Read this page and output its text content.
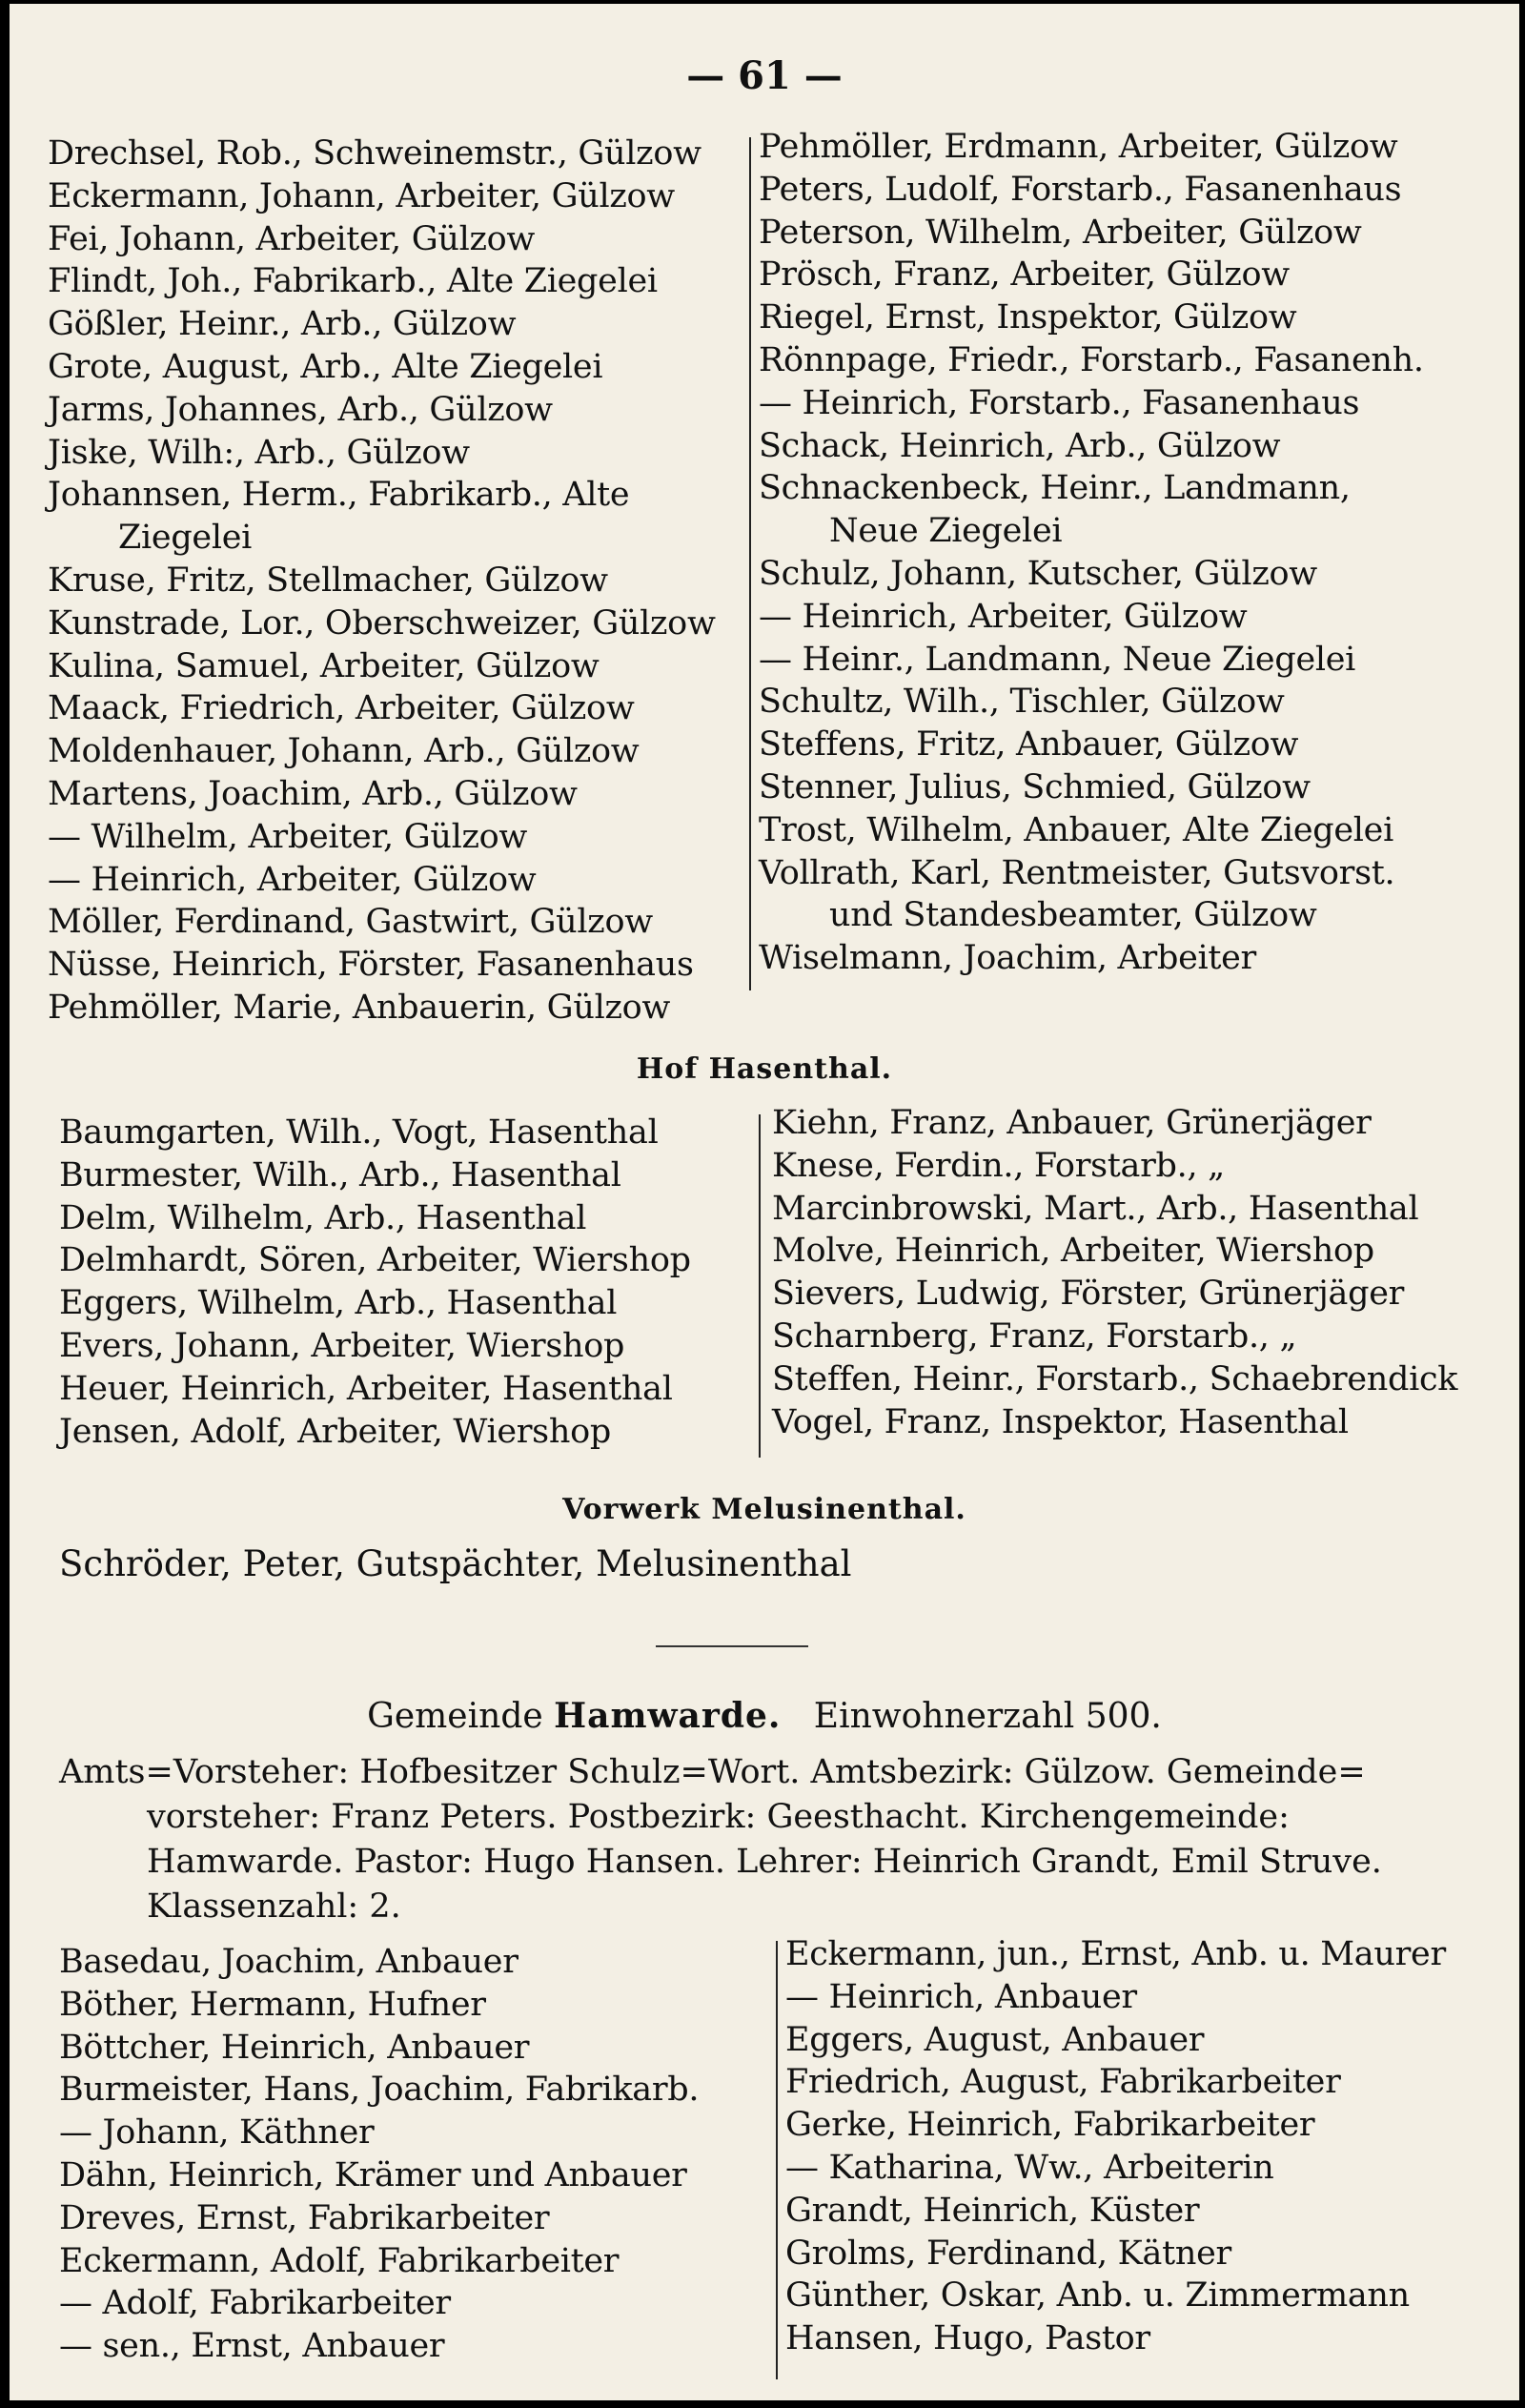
— 61 —
Drechsel, Rob., Schweinemstr., Gülzow
Eckermann, Johann, Arbeiter, Gülzow
Fei, Johann, Arbeiter, Gülzow
Flindt, Joh., Fabrikarb., Alte Ziegelei
Gößler, Heinr., Arb., Gülzow
Grote, August, Arb., Alte Ziegelei
Jarms, Johannes, Arb., Gülzow
Jiske, Wilh:, Arb., Gülzow
Johannsen, Herm., Fabrikarb., Alte
Ziegelei
Kruse, Fritz, Stellmacher, Gülzow
Kunstrade, Lor., Oberschweizer, Gülzow
Kulina, Samuel, Arbeiter, Gülzow
Maack, Friedrich, Arbeiter, Gülzow
Moldenhauer, Johann, Arb., Gülzow
Martens, Joachim, Arb., Gülzow
— Wilhelm, Arbeiter, Gülzow
— Heinrich, Arbeiter, Gülzow
Möller, Ferdinand, Gastwirt, Gülzow
Nüsse, Heinrich, Förster, Fasanenhaus
Pehmöller, Marie, Anbauerin, Gülzow
Pehmöller, Erdmann, Arbeiter, Gülzow
Peters, Ludolf, Forstarb., Fasanenhaus
Peterson, Wilhelm, Arbeiter, Gülzow
Prösch, Franz, Arbeiter, Gülzow
Riegel, Ernst, Inspektor, Gülzow
Rönnpage, Friedr., Forstarb., Fasanenh.
— Heinrich, Forstarb., Fasanenhaus
Schack, Heinrich, Arb., Gülzow
Schnackenbeck, Heinr., Landmann,
Neue Ziegelei
Schulz, Johann, Kutscher, Gülzow
— Heinrich, Arbeiter, Gülzow
— Heinr., Landmann, Neue Ziegelei
Schultz, Wilh., Tischler, Gülzow
Steffens, Fritz, Anbauer, Gülzow
Stenner, Julius, Schmied, Gülzow
Trost, Wilhelm, Anbauer, Alte Ziegelei
Vollrath, Karl, Rentmeister, Gutsvorst.
und Standesbeamter, Gülzow
Wiselmann, Joachim, Arbeiter
Hof Hasenthal.
Baumgarten, Wilh., Vogt, Hasenthal
Burmester, Wilh., Arb., Hasenthal
Delm, Wilhelm, Arb., Hasenthal
Delmhardt, Sören, Arbeiter, Wiershop
Eggers, Wilhelm, Arb., Hasenthal
Evers, Johann, Arbeiter, Wiershop
Heuer, Heinrich, Arbeiter, Hasenthal
Jensen, Adolf, Arbeiter, Wiershop
Kiehn, Franz, Anbauer, Grünerjäger
Knese, Ferdin., Forstarb., „
Marcinbrowski, Mart., Arb., Hasenthal
Molve, Heinrich, Arbeiter, Wiershop
Sievers, Ludwig, Förster, Grünerjäger
Scharnberg, Franz, Forstarb., „
Steffen, Heinr., Forstarb., Schaebrendick
Vogel, Franz, Inspektor, Hasenthal
Vorwerk Melusinenthal.
Schröder, Peter, Gutspächter, Melusinenthal
Gemeinde Hamwarde. Einwohnerzahl 500.
Amts=Vorsteher: Hofbesitzer Schulz=Wort. Amtsbezirk: Gülzow. Gemeinde=
vorsteher: Franz Peters. Postbezirk: Geesthacht. Kirchengemeinde:
Hamwarde. Pastor: Hugo Hansen. Lehrer: Heinrich Grandt, Emil Struve.
Klassenzahl: 2.
Basedau, Joachim, Anbauer
Böther, Hermann, Hufner
Böttcher, Heinrich, Anbauer
Burmeister, Hans, Joachim, Fabrikarb.
— Johann, Käthner
Dähn, Heinrich, Krämer und Anbauer
Dreves, Ernst, Fabrikarbeiter
Eckermann, Adolf, Fabrikarbeiter
— Adolf, Fabrikarbeiter
— sen., Ernst, Anbauer
Eckermann, jun., Ernst, Anb. u. Maurer
— Heinrich, Anbauer
Eggers, August, Anbauer
Friedrich, August, Fabrikarbeiter
Gerke, Heinrich, Fabrikarbeiter
— Katharina, Ww., Arbeiterin
Grandt, Heinrich, Küster
Grolms, Ferdinand, Kätner
Günther, Oskar, Anb. u. Zimmermann
Hansen, Hugo, Pastor
